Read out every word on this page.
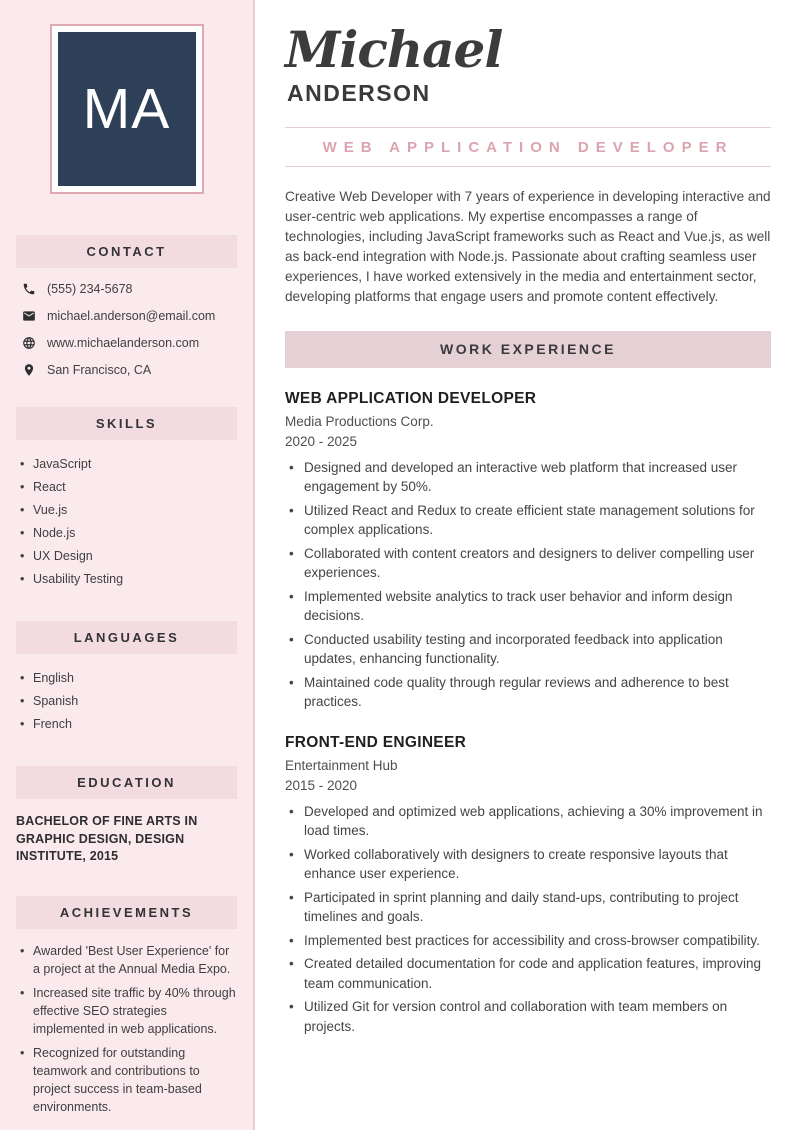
MA
CONTACT
(555) 234-5678
michael.anderson@email.com
www.michaelanderson.com
San Francisco, CA
SKILLS
• JavaScript
• React
• Vue.js
• Node.js
• UX Design
• Usability Testing
LANGUAGES
• English
• Spanish
• French
EDUCATION

BACHELOR OF FINE ARTS IN GRAPHIC DESIGN, DESIGN INSTITUTE, 2015

ACHIEVEMENTS
• Awarded 'Best User Experience' for a project at the Annual Media Expo.
• Increased site traffic by 40% through effective SEO strategies implemented in web applications.
• Recognized for outstanding teamwork and contributions to project success in team-based environments.
Michael
ANDERSON
WEB APPLICATION DEVELOPER

Creative Web Developer with 7 years of experience in developing interactive and user-centric web applications. My expertise encompasses a range of technologies, including JavaScript frameworks such as React and Vue.js, as well as back-end integration with Node.js. Passionate about crafting seamless user experiences, I have worked extensively in the media and entertainment sector, developing platforms that engage users and promote content effectively.

WORK EXPERIENCE
WEB APPLICATION DEVELOPER
Media Productions Corp.
2020 - 2025
• Designed and developed an interactive web platform that increased user engagement by 50%.
• Utilized React and Redux to create efficient state management solutions for complex applications.
• Collaborated with content creators and designers to deliver compelling user experiences.
• Implemented website analytics to track user behavior and inform design decisions.
• Conducted usability testing and incorporated feedback into application updates, enhancing functionality.
• Maintained code quality through regular reviews and adherence to best practices.
FRONT-END ENGINEER
Entertainment Hub
2015 - 2020
• Developed and optimized web applications, achieving a 30% improvement in load times.
• Worked collaboratively with designers to create responsive layouts that enhance user experience.
• Participated in sprint planning and daily stand-ups, contributing to project timelines and goals.
• Implemented best practices for accessibility and cross-browser compatibility.
• Created detailed documentation for code and application features, improving team communication.
• Utilized Git for version control and collaboration with team members on projects.
